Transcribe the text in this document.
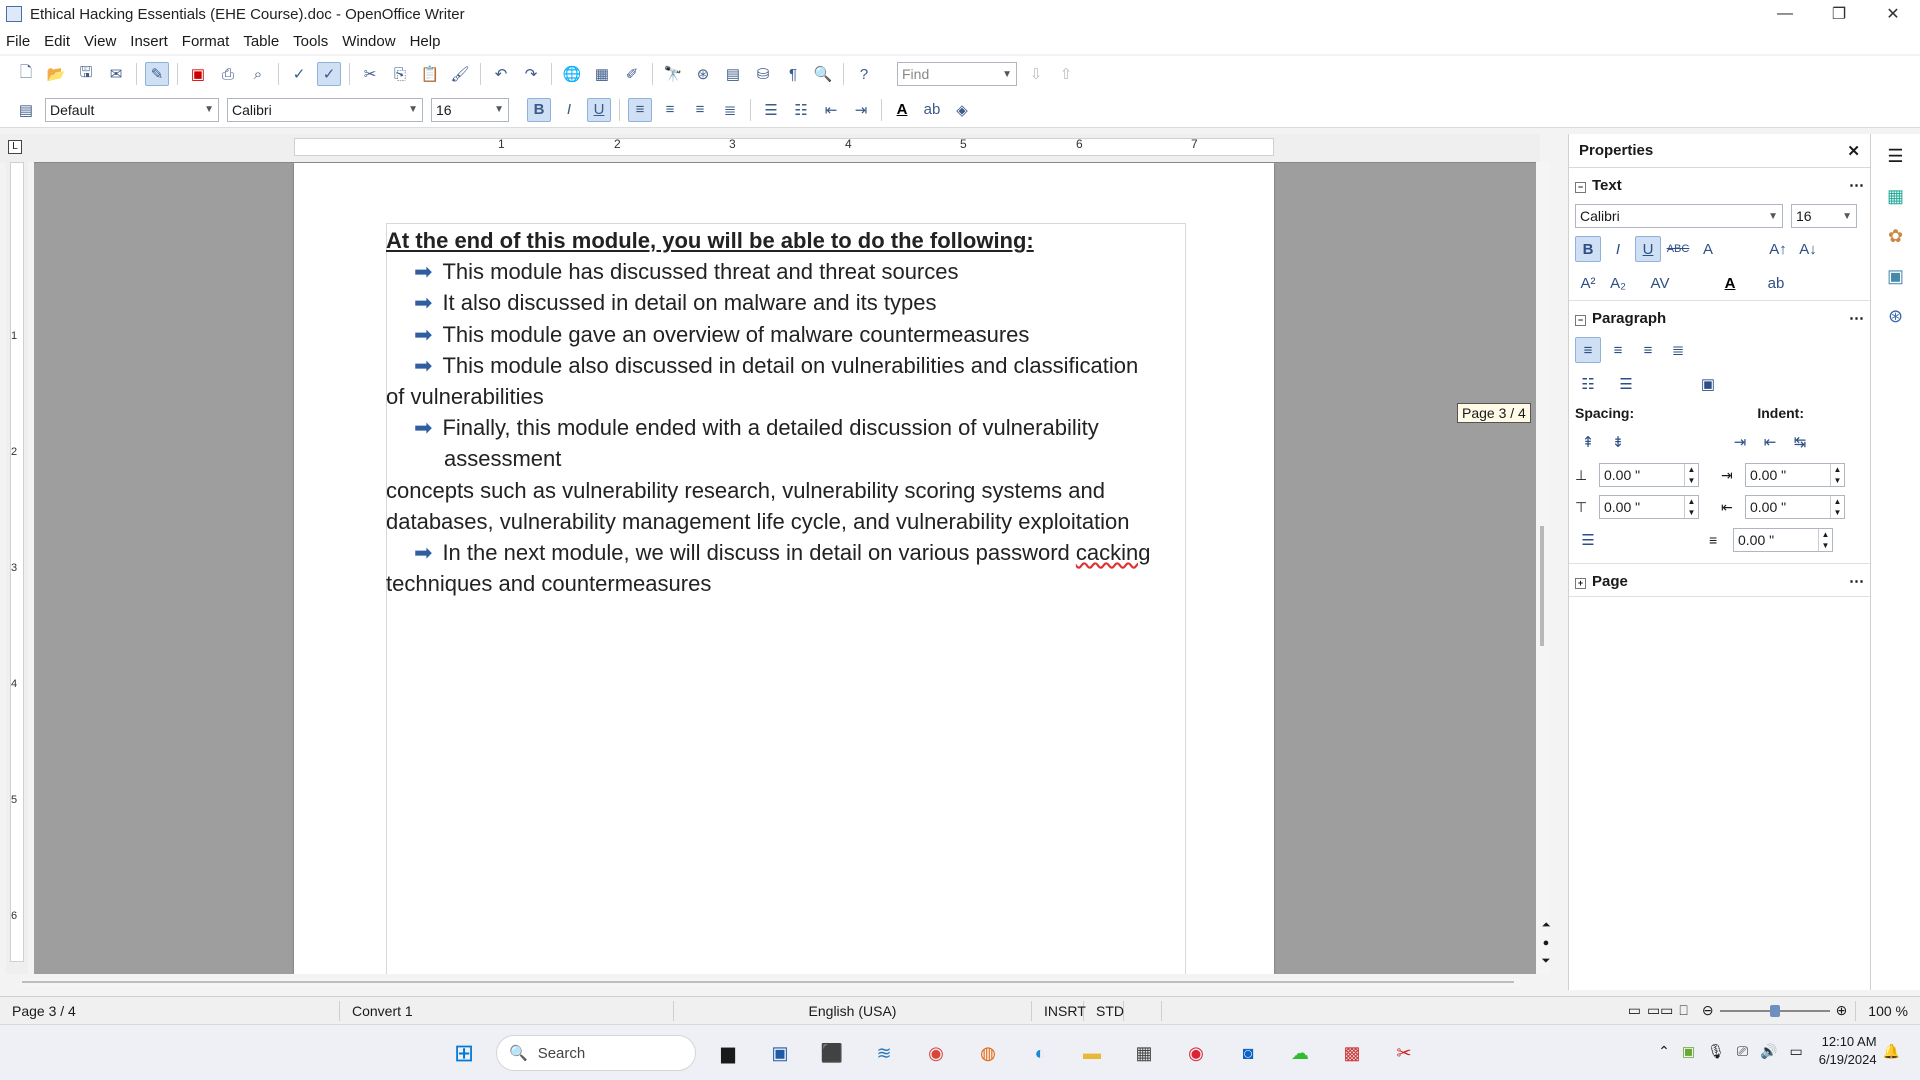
Ethical Hacking Essentials (EHE Course).doc - OpenOffice Writer	—	❐	✕
File Edit View Insert Format Table Tools Window Help
🗋 📂 🖫	✉	✎	▣	⎙	⌕	✓	✓	✂	⎘ 📋 🖌	↶	↷	🌐 ▦	✐	🔭 ⊛	▤	⛁	¶	🔍	?	Find	▼	⇩	⇧
▤	Default	▼ Calibri	▼ 16	▼	B	I	U	≡	≡	≡	≣	☰	☷	⇤	⇥	A	ab	◈
L	1	2	3	4	5	6	7
1
2
3
4
5
6
At the end of this module, you will be able to do the following:
➡ This module has discussed threat and threat sources
➡ It also discussed in detail on malware and its types
➡ This module gave an overview of malware countermeasures
➡ This module also discussed in detail on vulnerabilities and classification
of vulnerabilities
➡ Finally, this module ended with a detailed discussion of vulnerability assessment
concepts such as vulnerability research, vulnerability scoring systems and databases, vulnerability management life cycle, and vulnerability exploitation
➡ In the next module, we will discuss in detail on various password cacking
techniques and countermeasures
Page 3 / 4
⏶
●
⏷
Properties	✕
− Text	⋯
Calibri	▼ 16	▼
B	I	U	ABC A	A↑ A↓
A² A₂	AV	A	ab
− Paragraph	⋯
≡	≡	≡	≣
☷	☰	▣
Spacing:	Indent:
⇞	⇟	⇥	⇤	↹
⊥	0.00 "	▲
▼ ⇥	0.00 "	▲
▼
⊤	0.00 "	▲
▼ ⇤	0.00 "	▲
▼
☰	≡	0.00 "	▲
▼
+ Page	⋯
☰
▦
✿
▣
⊛
Page 3 / 4	Convert 1	English (USA)	INSRT STD	▭ ▭▭ ⎕ ⊖	⊕	100 %
⊞	🔍 Search	▆	▣	⬛	≋	◉	◍	◐	▬	▦	◉	◙	☁	▩	✂	⌃ ▣ 🎙 ⎚ 🔊 ▭
12:10 AM
6/19/2024
🔔
